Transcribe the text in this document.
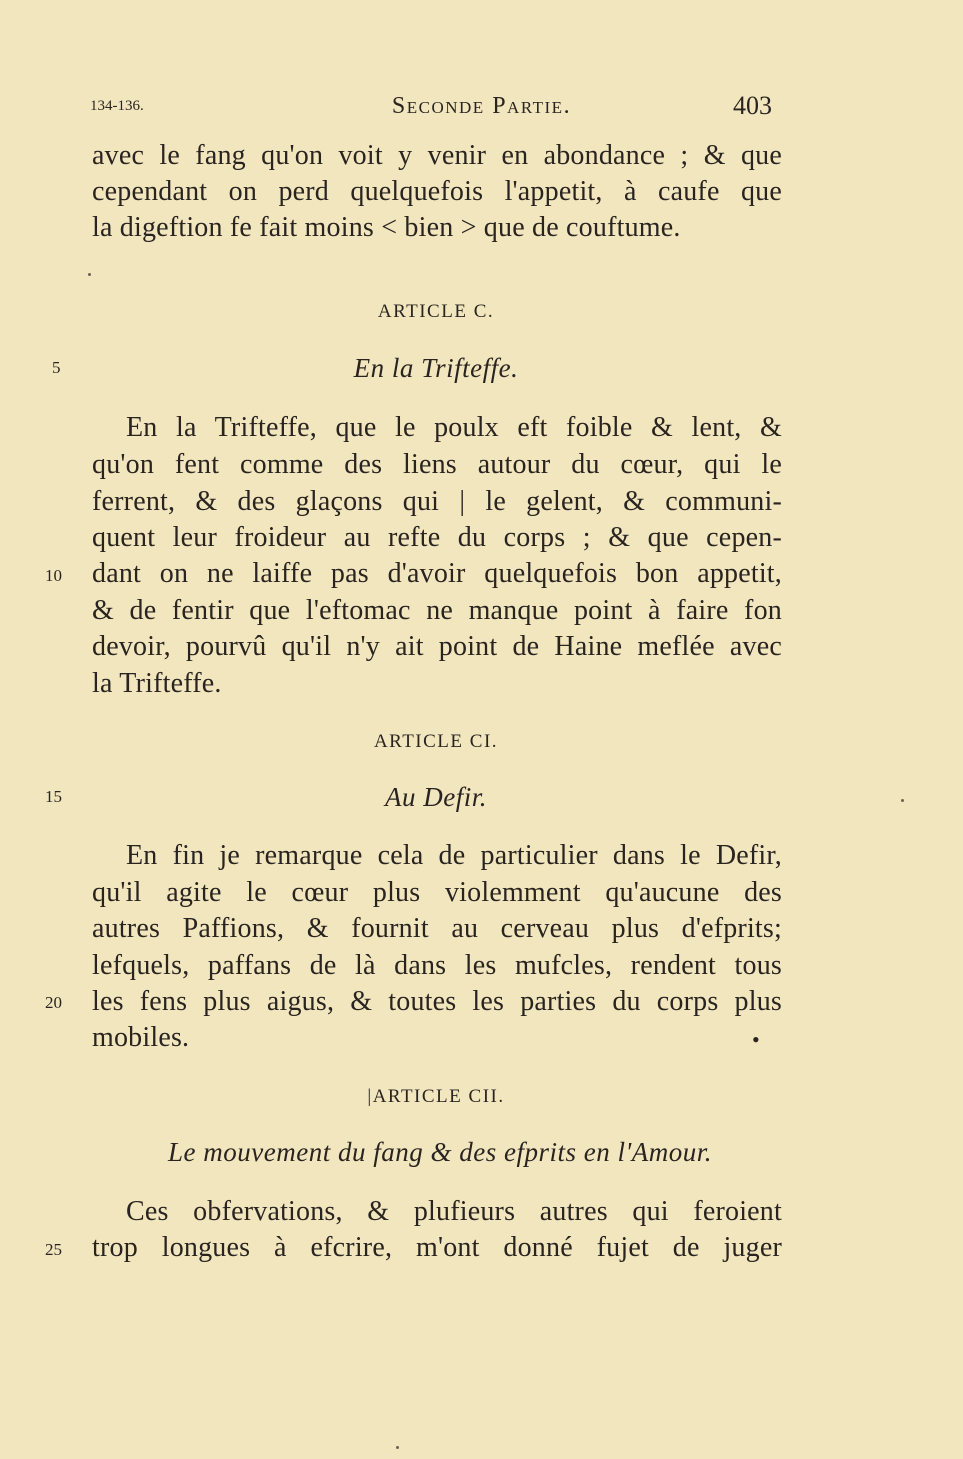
134-136.	Seconde Partie.	403
avec le fang qu'on voit y venir en abondance ; & que
cependant on perd quelquefois l'appetit, à caufe que
la digeftion fe fait moins < bien > que de couftume.
ARTICLE C.
5	En la Trifteffe.
En la Trifteffe, que le poulx eft foible & lent, &
qu'on fent comme des liens autour du cœur, qui le
ferrent, & des glaçons qui | le gelent, & communi-
quent leur froideur au refte du corps ; & que cepen-
10	dant on ne laiffe pas d'avoir quelquefois bon appetit,
& de fentir que l'eftomac ne manque point à faire fon
devoir, pourvû qu'il n'y ait point de Haine meflée avec
la Trifteffe.
ARTICLE CI.
15	Au Defir.
En fin je remarque cela de particulier dans le Defir,
qu'il agite le cœur plus violemment qu'aucune des
autres Paffions, & fournit au cerveau plus d'efprits;
lefquels, paffans de là dans les mufcles, rendent tous
20	les fens plus aigus, & toutes les parties du corps plus
mobiles.	•
|ARTICLE CII.
Le mouvement du fang & des efprits en l'Amour.
Ces obfervations, & plufieurs autres qui feroient
25	trop longues à efcrire, m'ont donné fujet de juger
